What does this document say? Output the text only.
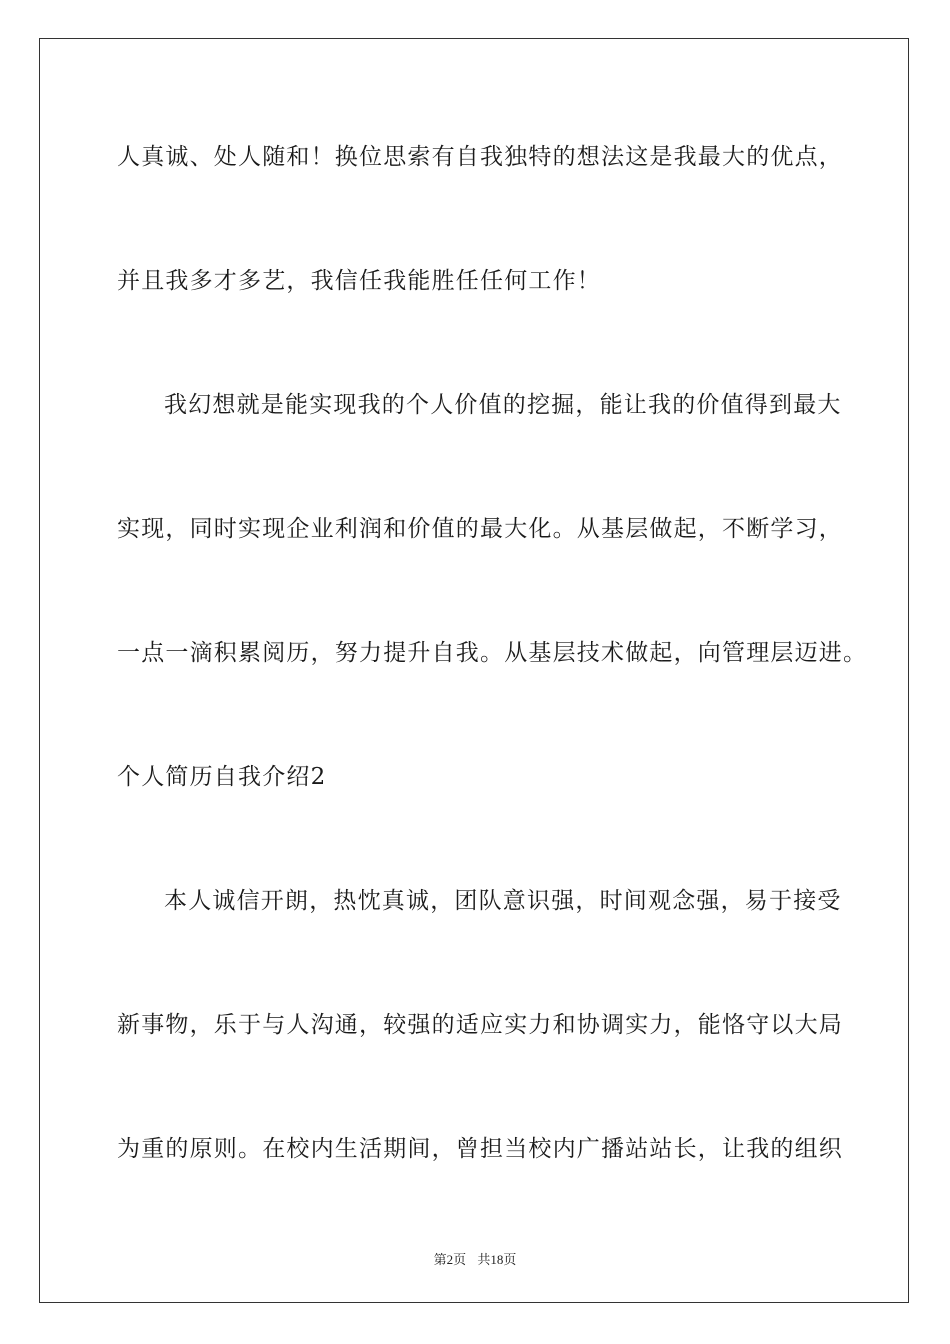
人真诚、处人随和！换位思索有自我独特的想法这是我最大的优点，
并且我多才多艺，我信任我能胜任任何工作！
我幻想就是能实现我的个人价值的挖掘，能让我的价值得到最大
实现，同时实现企业利润和价值的最大化。从基层做起，不断学习，
一点一滴积累阅历，努力提升自我。从基层技术做起，向管理层迈进。
个人简历自我介绍2
本人诚信开朗，热忱真诚，团队意识强，时间观念强，易于接受
新事物，乐于与人沟通，较强的适应实力和协调实力，能恪守以大局
为重的原则。在校内生活期间，曾担当校内广播站站长，让我的组织
第2页 共18页
